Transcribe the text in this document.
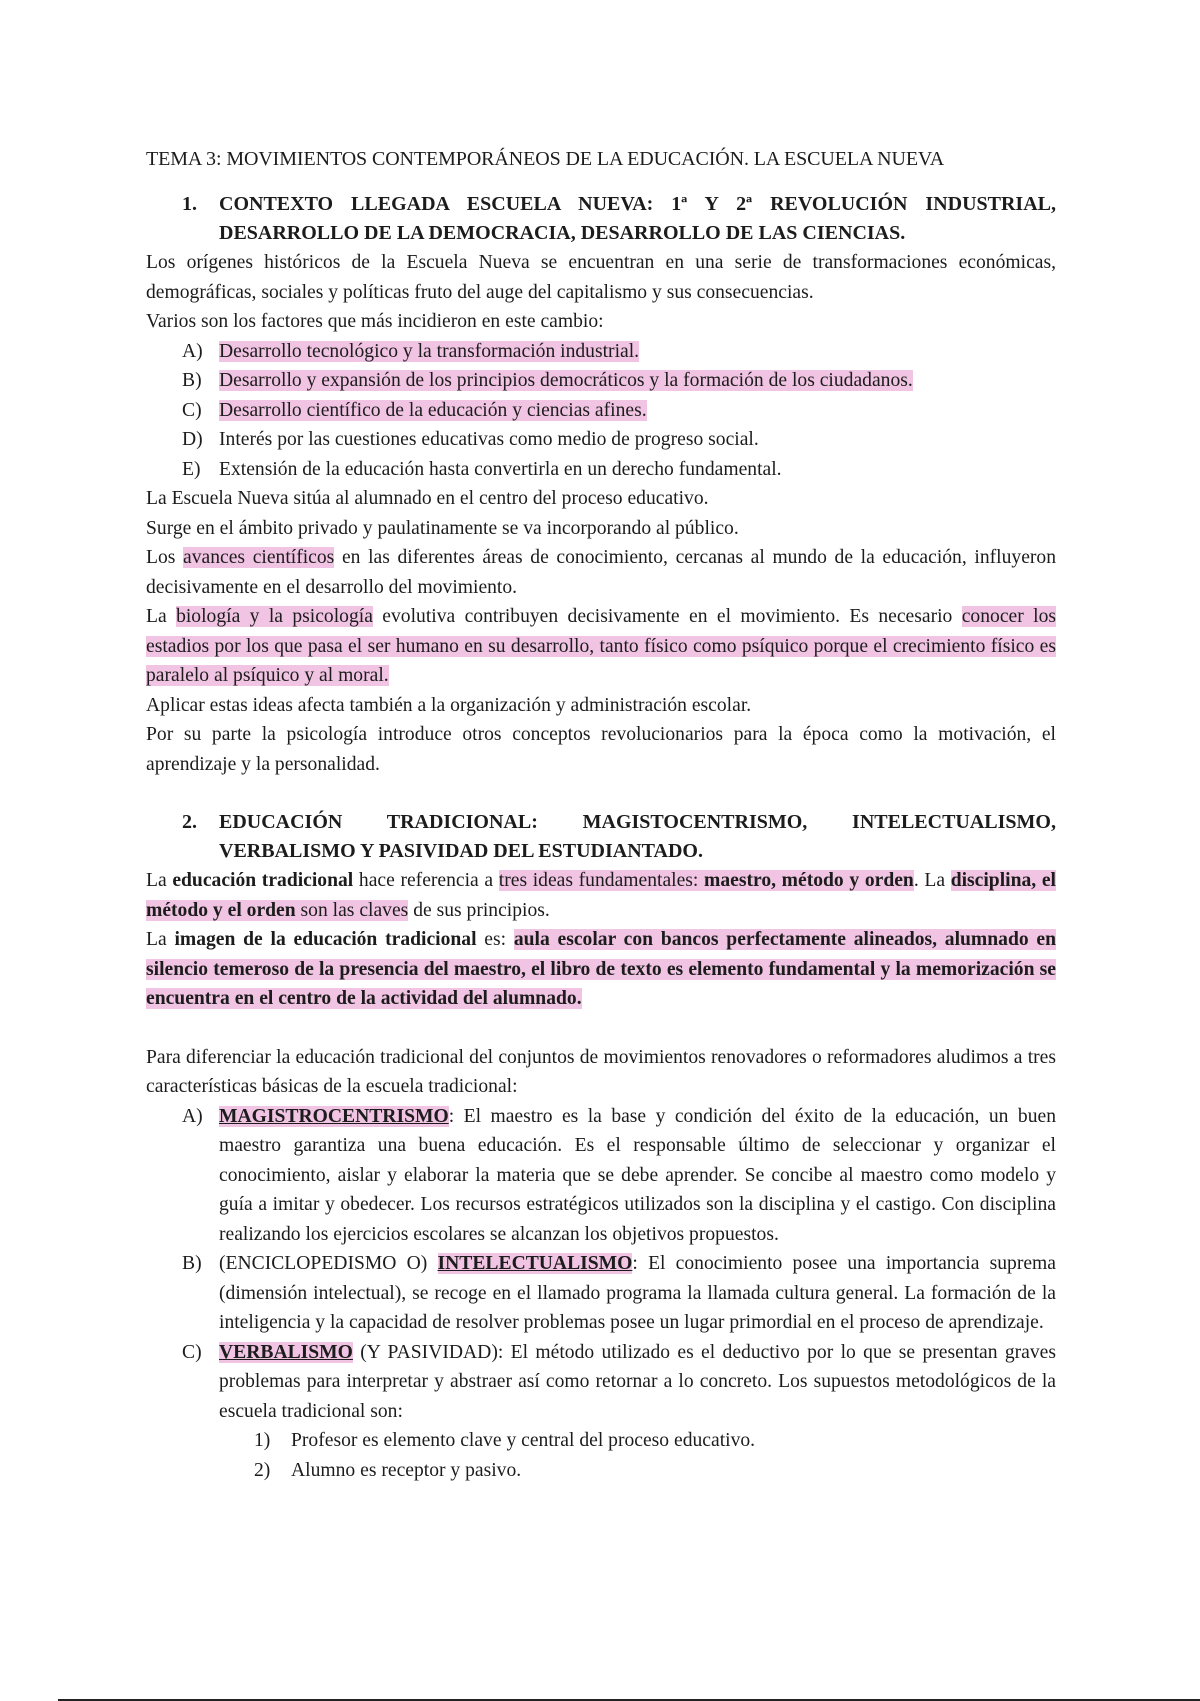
TEMA 3: MOVIMIENTOS CONTEMPORÁNEOS DE LA EDUCACIÓN. LA ESCUELA NUEVA
1. CONTEXTO LLEGADA ESCUELA NUEVA: 1ª Y 2ª REVOLUCIÓN INDUSTRIAL, DESARROLLO DE LA DEMOCRACIA, DESARROLLO DE LAS CIENCIAS.

Los orígenes históricos de la Escuela Nueva se encuentran en una serie de transformaciones económicas, demográficas, sociales y políticas fruto del auge del capitalismo y sus consecuencias.

Varios son los factores que más incidieron en este cambio:

A) Desarrollo tecnológico y la transformación industrial.
B) Desarrollo y expansión de los principios democráticos y la formación de los ciudadanos.
C) Desarrollo científico de la educación y ciencias afines.
D) Interés por las cuestiones educativas como medio de progreso social.
E) Extensión de la educación hasta convertirla en un derecho fundamental.

La Escuela Nueva sitúa al alumnado en el centro del proceso educativo.

Surge en el ámbito privado y paulatinamente se va incorporando al público.

Los avances científicos en las diferentes áreas de conocimiento, cercanas al mundo de la educación, influyeron decisivamente en el desarrollo del movimiento.

La biología y la psicología evolutiva contribuyen decisivamente en el movimiento. Es necesario conocer los estadios por los que pasa el ser humano en su desarrollo, tanto físico como psíquico porque el crecimiento físico es paralelo al psíquico y al moral.

Aplicar estas ideas afecta también a la organización y administración escolar.

Por su parte la psicología introduce otros conceptos revolucionarios para la época como la motivación, el aprendizaje y la personalidad.

2. EDUCACIÓN TRADICIONAL: MAGISTOCENTRISMO, INTELECTUALISMO, VERBALISMO Y PASIVIDAD DEL ESTUDIANTADO.

La educación tradicional hace referencia a tres ideas fundamentales: maestro, método y orden. La disciplina, el método y el orden son las claves de sus principios.

La imagen de la educación tradicional es: aula escolar con bancos perfectamente alineados, alumnado en silencio temeroso de la presencia del maestro, el libro de texto es elemento fundamental y la memorización se encuentra en el centro de la actividad del alumnado.

Para diferenciar la educación tradicional del conjuntos de movimientos renovadores o reformadores aludimos a tres características básicas de la escuela tradicional:

A) MAGISTROCENTRISMO: El maestro es la base y condición del éxito de la educación, un buen maestro garantiza una buena educación. Es el responsable último de seleccionar y organizar el conocimiento, aislar y elaborar la materia que se debe aprender. Se concibe al maestro como modelo y guía a imitar y obedecer. Los recursos estratégicos utilizados son la disciplina y el castigo. Con disciplina realizando los ejercicios escolares se alcanzan los objetivos propuestos.
B) (ENCICLOPEDISMO O) INTELECTUALISMO: El conocimiento posee una importancia suprema (dimensión intelectual), se recoge en el llamado programa la llamada cultura general. La formación de la inteligencia y la capacidad de resolver problemas posee un lugar primordial en el proceso de aprendizaje.
C) VERBALISMO (Y PASIVIDAD): El método utilizado es el deductivo por lo que se presentan graves problemas para interpretar y abstraer así como retornar a lo concreto. Los supuestos metodológicos de la escuela tradicional son:
1) Profesor es elemento clave y central del proceso educativo.
2) Alumno es receptor y pasivo.
